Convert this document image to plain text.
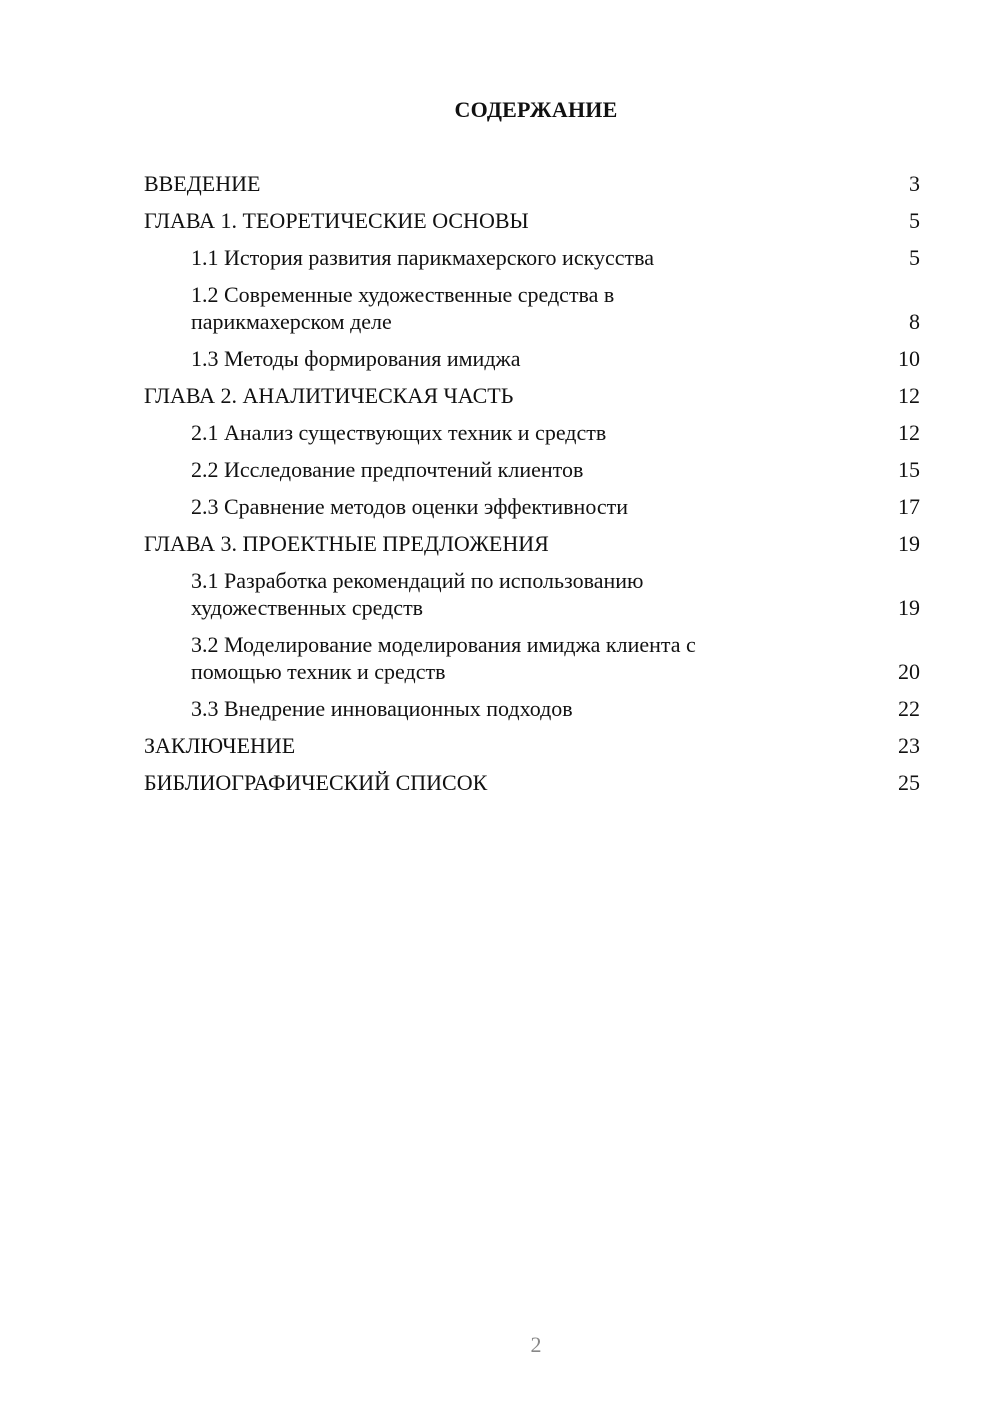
СОДЕРЖАНИЕ
ВВЕДЕНИЕ	3
ГЛАВА 1. ТЕОРЕТИЧЕСКИЕ ОСНОВЫ	5
1.1 История развития парикмахерского искусства	5
1.2 Современные художественные средства в парикмахерском деле	8
1.3 Методы формирования имиджа	10
ГЛАВА 2. АНАЛИТИЧЕСКАЯ ЧАСТЬ	12
2.1 Анализ существующих техник и средств	12
2.2 Исследование предпочтений клиентов	15
2.3 Сравнение методов оценки эффективности	17
ГЛАВА 3. ПРОЕКТНЫЕ ПРЕДЛОЖЕНИЯ	19
3.1 Разработка рекомендаций по использованию художественных средств	19
3.2 Моделирование моделирования имиджа клиента с помощью техник и средств	20
3.3 Внедрение инновационных подходов	22
ЗАКЛЮЧЕНИЕ	23
БИБЛИОГРАФИЧЕСКИЙ СПИСОК	25
2
